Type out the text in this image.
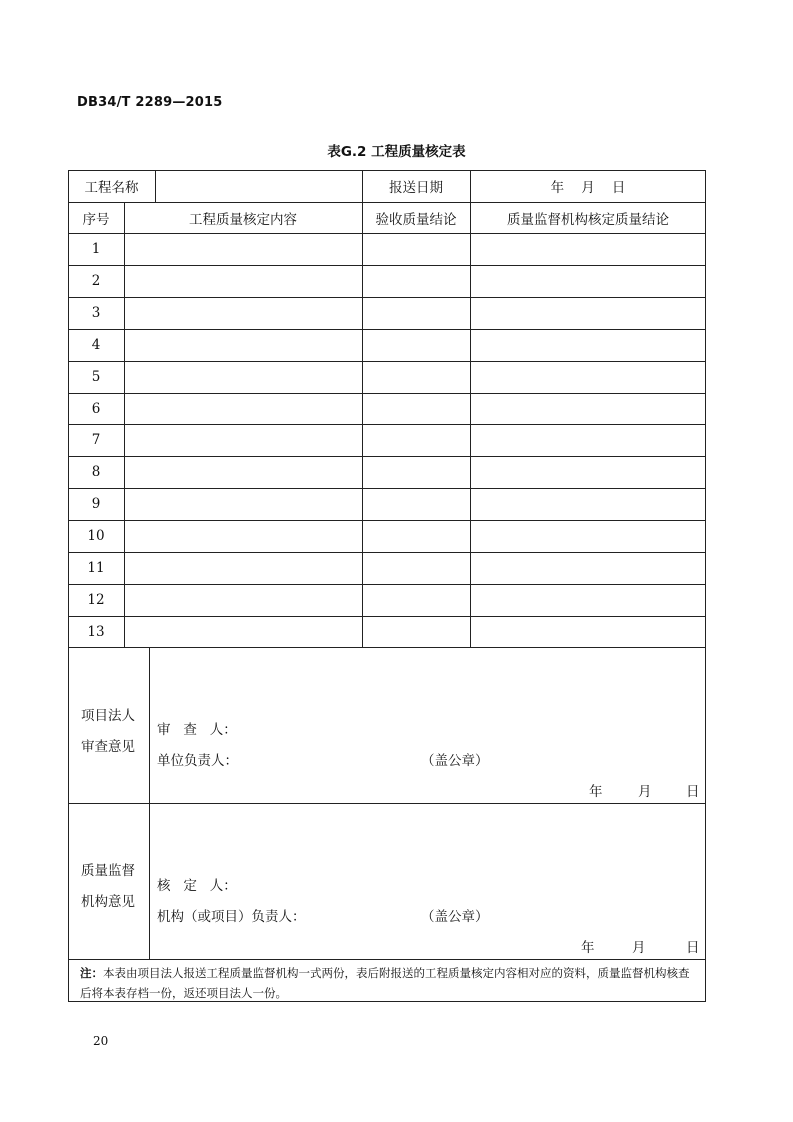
DB34/T 2289—2015
表G.2 工程质量核定表
工程名称	报送日期	年    月    日
序号	工程质量核定内容	验收质量结论	质量监督机构核定质量结论
1
2
3
4
5
6
7
8
9
10
11
12
13
项目法人
审查意见
审   查   人：
单位负责人：	（盖公章）
年	月	日
质量监督
机构意见
核   定   人：
机构（或项目）负责人：	（盖公章）
年	月	日
注：本表由项目法人报送工程质量监督机构一式两份，表后附报送的工程质量核定内容相对应的资料，质量监督机构核查后将本表存档一份，返还项目法人一份。
20
